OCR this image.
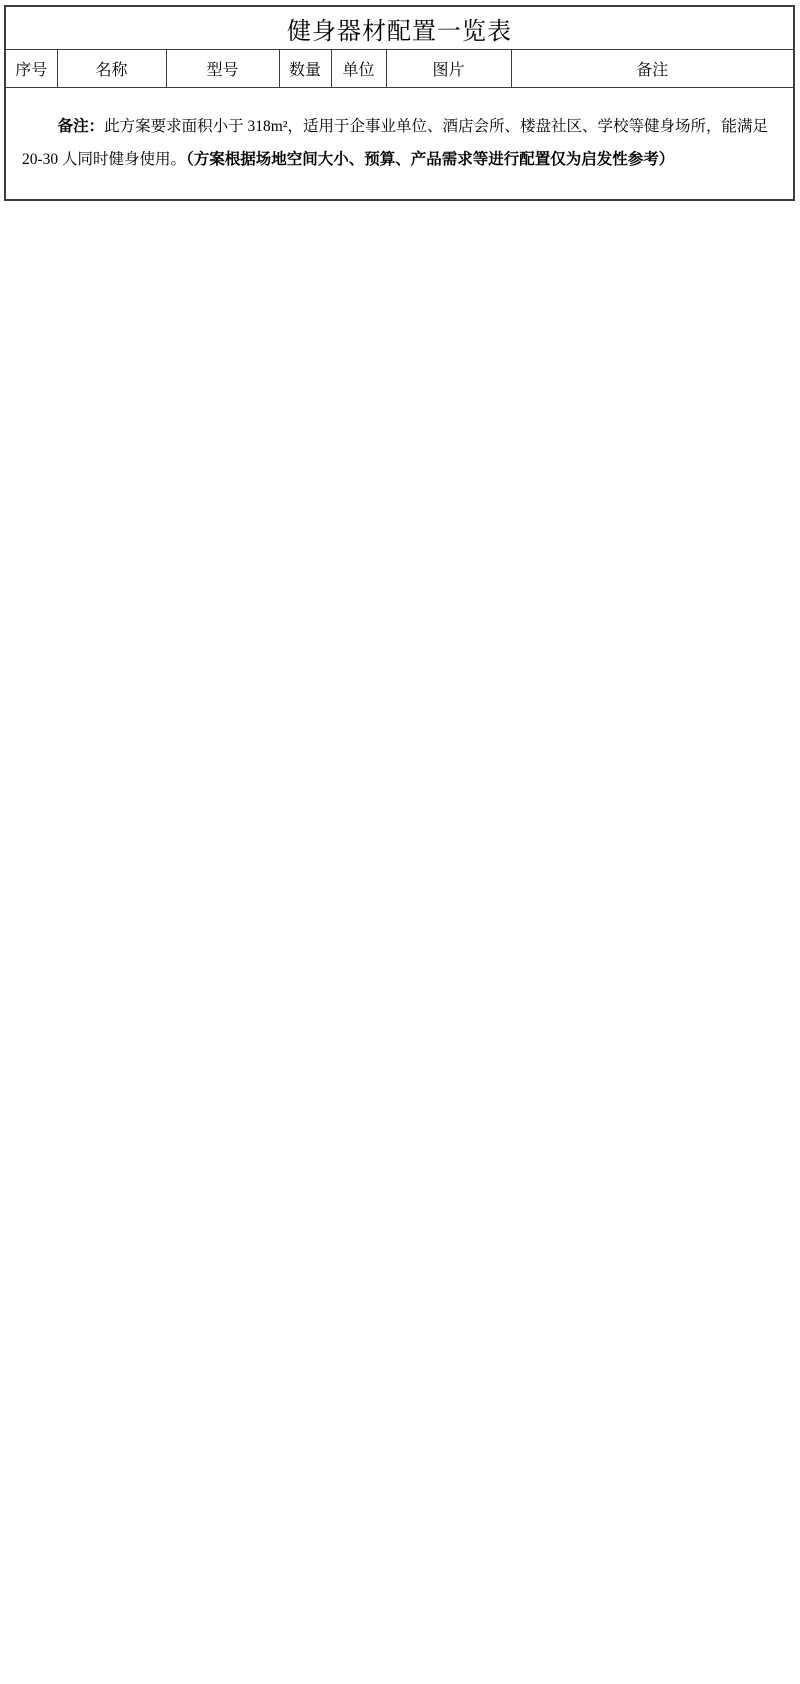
健身器材配置一览表
序号	名称	型号	数量	单位	图片	备注

备注：此方案要求面积小于 318m²，适用于企事业单位、酒店会所、楼盘社区、学校等健身场所，能满足 20-30 人同时健身使用。（方案根据场地空间大小、预算、产品需求等进行配置仅为启发性参考）
